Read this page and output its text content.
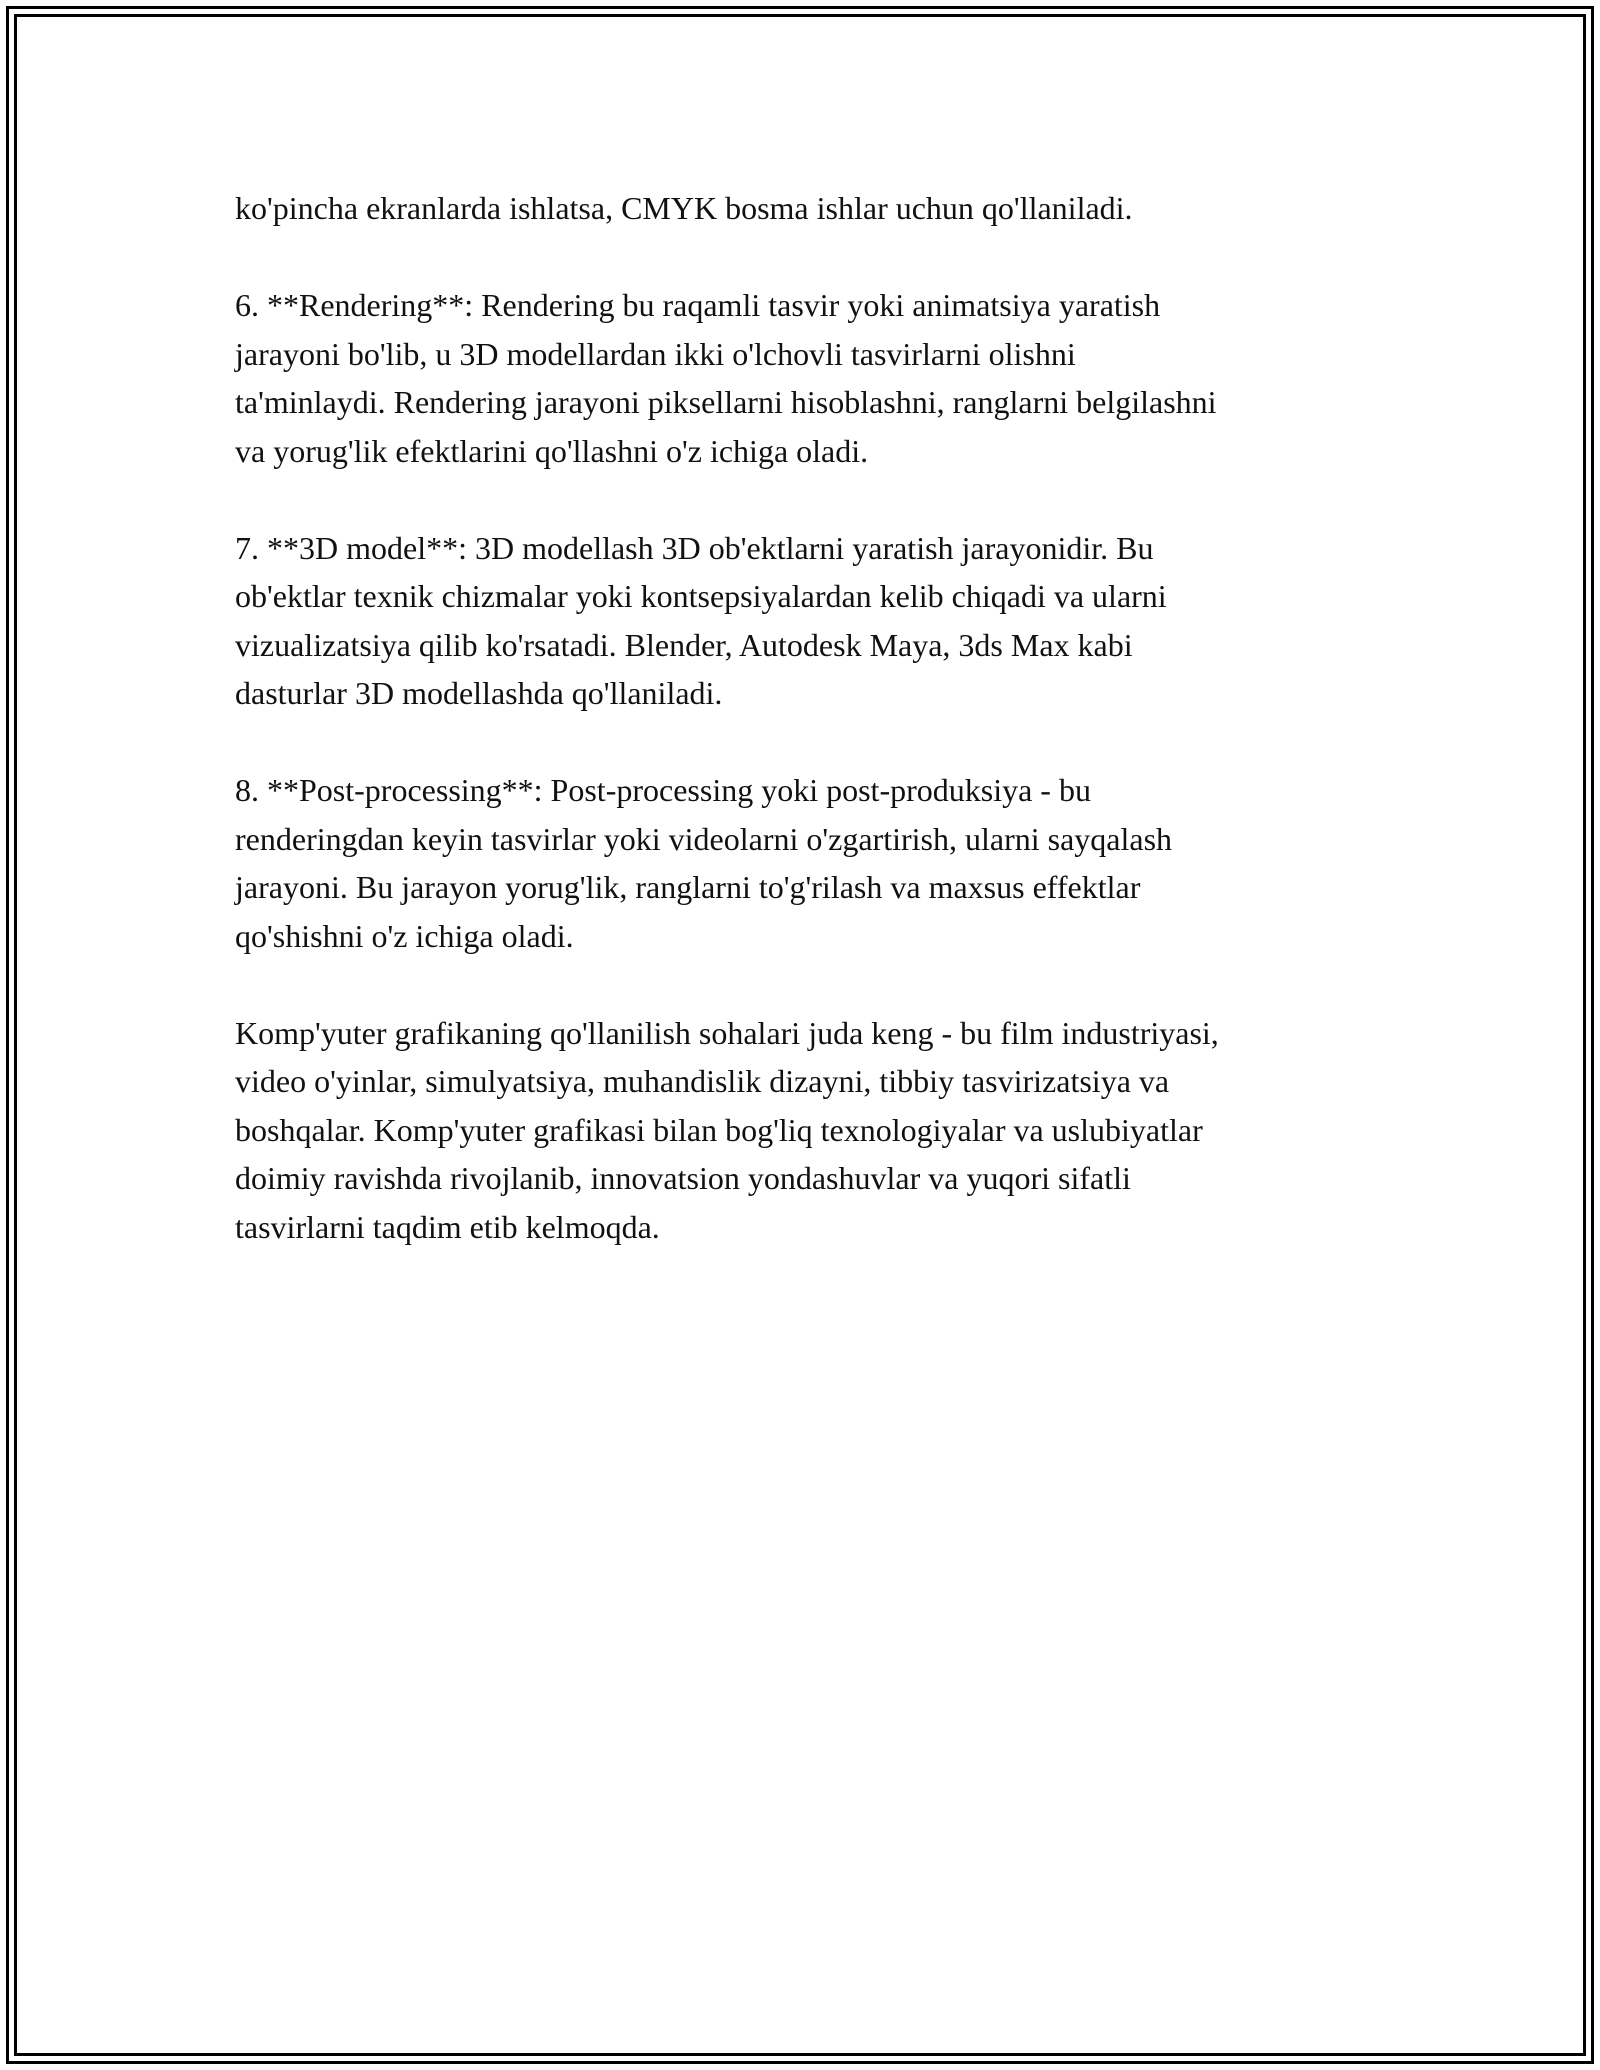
ko'pincha ekranlarda ishlatsa, CMYK bosma ishlar uchun qo'llaniladi.

6. **Rendering**: Rendering bu raqamli tasvir yoki animatsiya yaratish
jarayoni bo'lib, u 3D modellardan ikki o'lchovli tasvirlarni olishni
ta'minlaydi. Rendering jarayoni piksellarni hisoblashni, ranglarni belgilashni
va yorug'lik efektlarini qo'llashni o'z ichiga oladi.

7. **3D model**: 3D modellash 3D ob'ektlarni yaratish jarayonidir. Bu
ob'ektlar texnik chizmalar yoki kontsepsiyalardan kelib chiqadi va ularni
vizualizatsiya qilib ko'rsatadi. Blender, Autodesk Maya, 3ds Max kabi
dasturlar 3D modellashda qo'llaniladi.

8. **Post-processing**: Post-processing yoki post-produksiya - bu
renderingdan keyin tasvirlar yoki videolarni o'zgartirish, ularni sayqalash
jarayoni. Bu jarayon yorug'lik, ranglarni to'g'rilash va maxsus effektlar
qo'shishni o'z ichiga oladi.

Komp'yuter grafikaning qo'llanilish sohalari juda keng - bu film industriyasi,
video o'yinlar, simulyatsiya, muhandislik dizayni, tibbiy tasvirizatsiya va
boshqalar. Komp'yuter grafikasi bilan bog'liq texnologiyalar va uslubiyatlar
doimiy ravishda rivojlanib, innovatsion yondashuvlar va yuqori sifatli
tasvirlarni taqdim etib kelmoqda.
